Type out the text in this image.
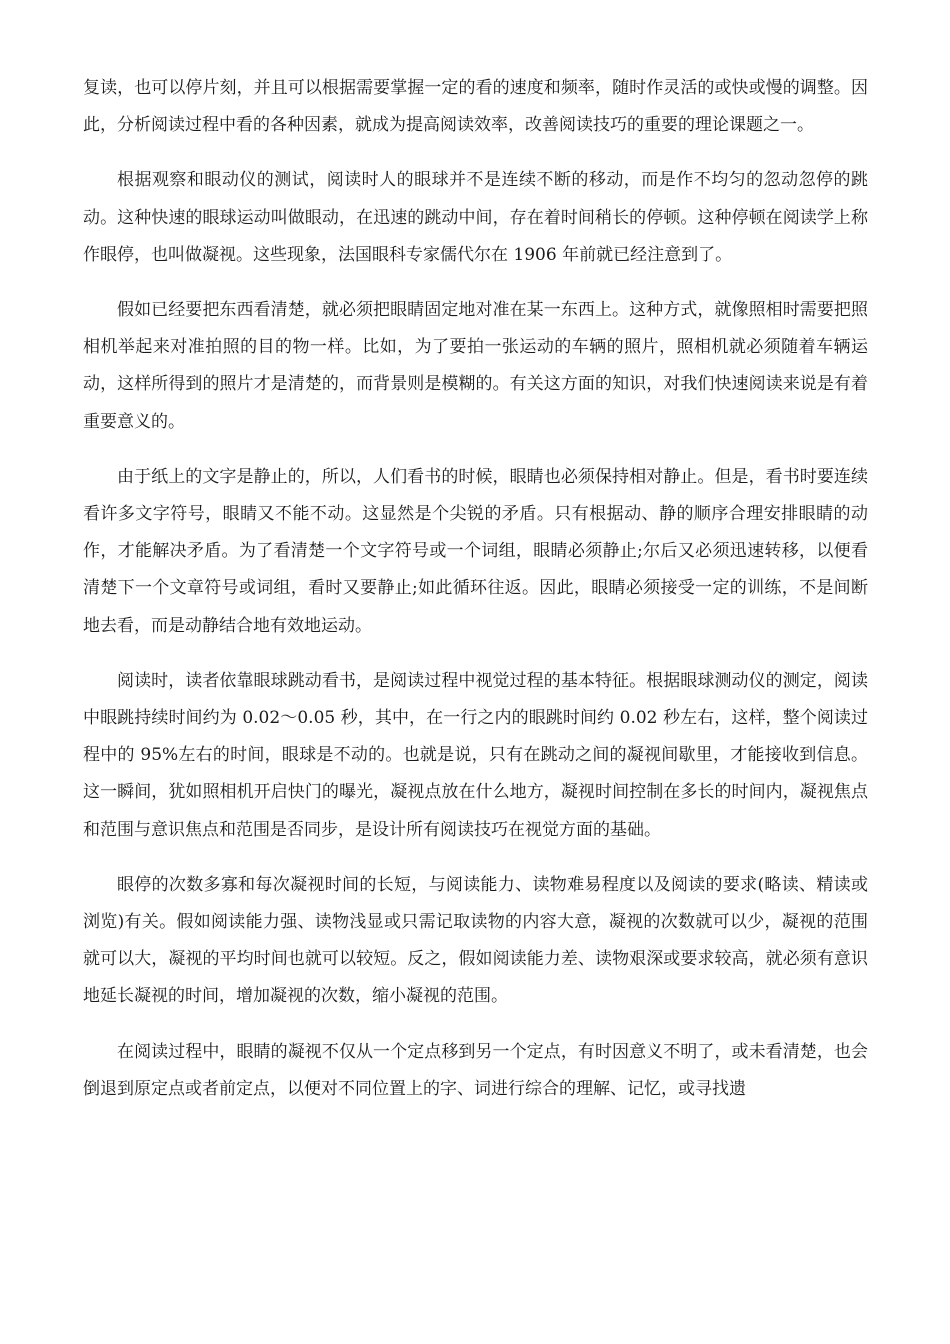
复读，也可以停片刻，并且可以根据需要掌握一定的看的速度和频率，随时作灵活的或快或慢的调整。因此，分析阅读过程中看的各种因素，就成为提高阅读效率，改善阅读技巧的重要的理论课题之一。

根据观察和眼动仪的测试，阅读时人的眼球并不是连续不断的移动，而是作不均匀的忽动忽停的跳动。这种快速的眼球运动叫做眼动，在迅速的跳动中间，存在着时间稍长的停顿。这种停顿在阅读学上称作眼停，也叫做凝视。这些现象，法国眼科专家儒代尔在 1906 年前就已经注意到了。

假如已经要把东西看清楚，就必须把眼睛固定地对准在某一东西上。这种方式，就像照相时需要把照相机举起来对准拍照的目的物一样。比如，为了要拍一张运动的车辆的照片，照相机就必须随着车辆运动，这样所得到的照片才是清楚的，而背景则是模糊的。有关这方面的知识，对我们快速阅读来说是有着重要意义的。

由于纸上的文字是静止的，所以，人们看书的时候，眼睛也必须保持相对静止。但是，看书时要连续看许多文字符号，眼睛又不能不动。这显然是个尖锐的矛盾。只有根据动、静的顺序合理安排眼睛的动作，才能解决矛盾。为了看清楚一个文字符号或一个词组，眼睛必须静止;尔后又必须迅速转移，以便看清楚下一个文章符号或词组，看时又要静止;如此循环往返。因此，眼睛必须接受一定的训练，不是间断地去看，而是动静结合地有效地运动。

阅读时，读者依靠眼球跳动看书，是阅读过程中视觉过程的基本特征。根据眼球测动仪的测定，阅读中眼跳持续时间约为 0.02～0.05 秒，其中，在一行之内的眼跳时间约 0.02 秒左右，这样，整个阅读过程中的 95%左右的时间，眼球是不动的。也就是说，只有在跳动之间的凝视间歇里，才能接收到信息。这一瞬间，犹如照相机开启快门的曝光，凝视点放在什么地方，凝视时间控制在多长的时间内，凝视焦点和范围与意识焦点和范围是否同步，是设计所有阅读技巧在视觉方面的基础。

眼停的次数多寡和每次凝视时间的长短，与阅读能力、读物难易程度以及阅读的要求(略读、精读或浏览)有关。假如阅读能力强、读物浅显或只需记取读物的内容大意，凝视的次数就可以少，凝视的范围就可以大，凝视的平均时间也就可以较短。反之，假如阅读能力差、读物艰深或要求较高，就必须有意识地延长凝视的时间，增加凝视的次数，缩小凝视的范围。

在阅读过程中，眼睛的凝视不仅从一个定点移到另一个定点，有时因意义不明了，或未看清楚，也会倒退到原定点或者前定点，以便对不同位置上的字、词进行综合的理解、记忆，或寻找遗
